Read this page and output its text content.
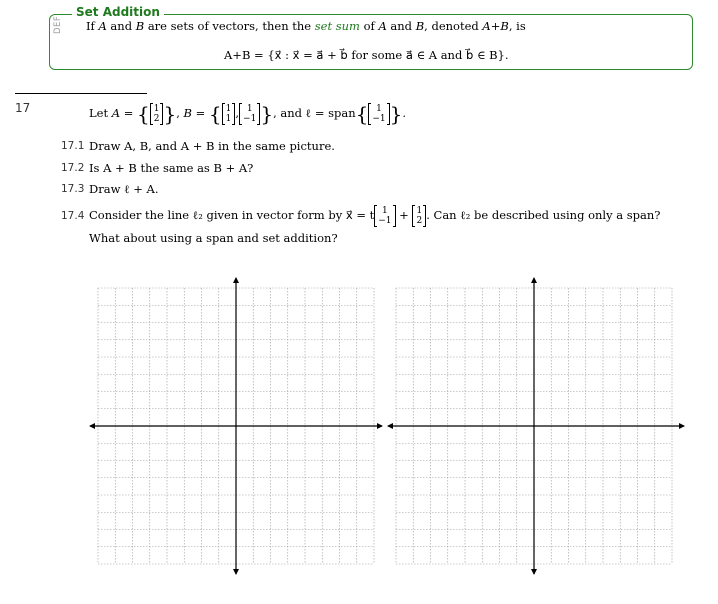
Set Addition
DEF If A and B are sets of vectors, then the set sum of A and B, denoted A+B, is
A+B = {x⃗ : x⃗ = a⃗ + b⃗ for some a⃗ ∈ A and b⃗ ∈ B}.
17	Let A = { 1
2 }, B = { 1
1 , 1
−1 }, and ℓ = span{ 1
−1 }.
17.1 Draw A, B, and A + B in the same picture.
17.2 Is A + B the same as B + A?
17.3 Draw ℓ + A.
17.4 Consider the line ℓ₂ given in vector form by x⃗ = t 1
−1 + 1
2 . Can ℓ₂ be described using only a span?
What about using a span and set addition?
